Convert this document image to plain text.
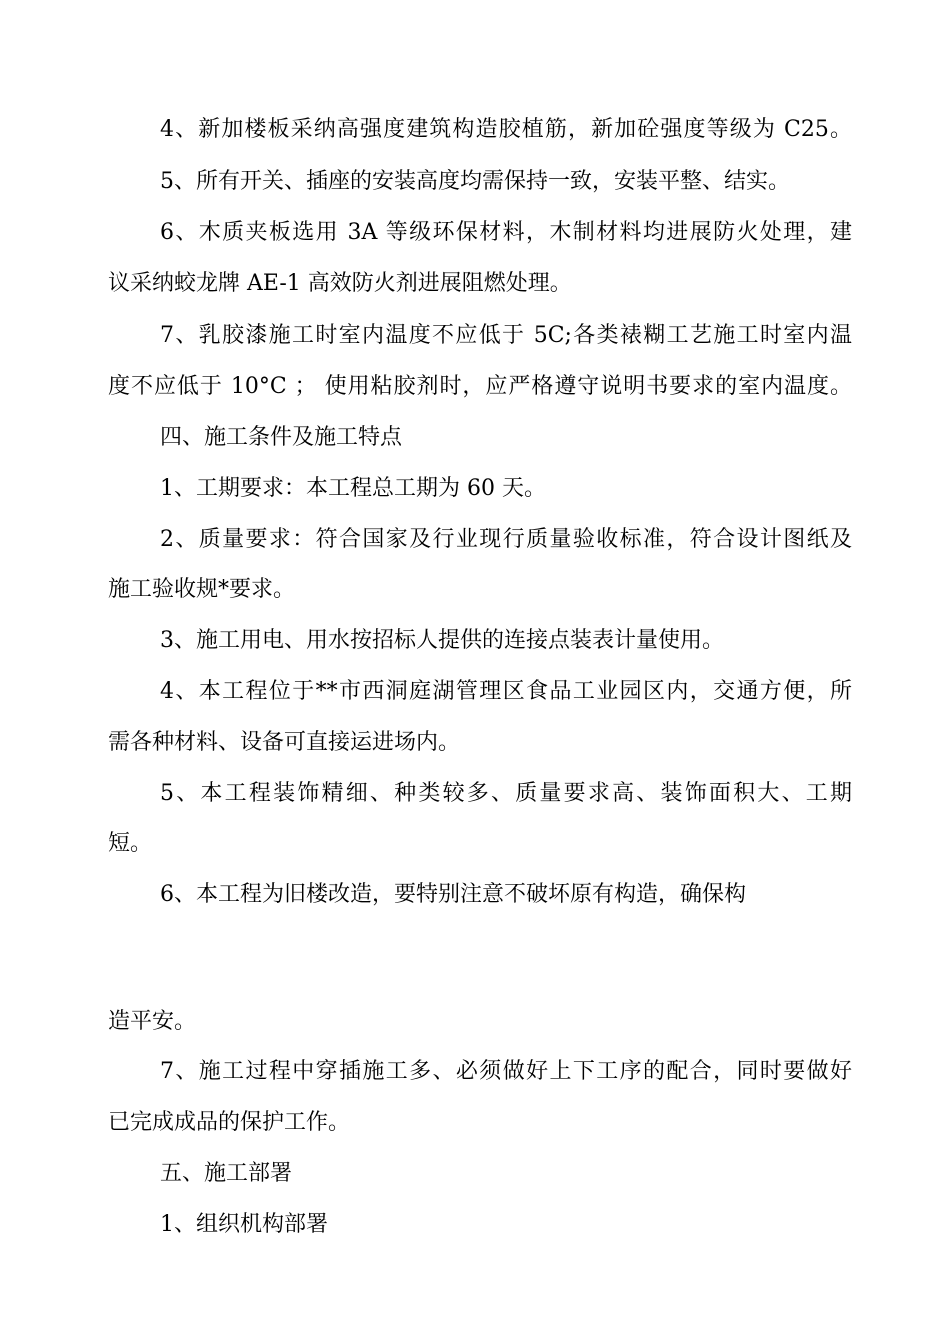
4、新加楼板采纳高强度建筑构造胶植筋，新加砼强度等级为 C25。
5、所有开关、插座的安装高度均需保持一致，安装平整、结实。
6、木质夹板选用 3A 等级环保材料，木制材料均进展防火处理，建
议采纳蛟龙牌 AE-1 高效防火剂进展阻燃处理。
7、乳胶漆施工时室内温度不应低于 5C;各类裱糊工艺施工时室内温
度不应低于 10°C ； 使用粘胶剂时，应严格遵守说明书要求的室内温度。
四、施工条件及施工特点
1、工期要求：本工程总工期为 60 天。
2、质量要求：符合国家及行业现行质量验收标准，符合设计图纸及
施工验收规*要求。
3、施工用电、用水按招标人提供的连接点装表计量使用。
4、本工程位于**市西洞庭湖管理区食品工业园区内，交通方便，所
需各种材料、设备可直接运进场内。
5、本工程装饰精细、种类较多、质量要求高、装饰面积大、工期
短。
6、本工程为旧楼改造，要特别注意不破坏原有构造，确保构
造平安。
7、施工过程中穿插施工多、必须做好上下工序的配合，同时要做好
已完成成品的保护工作。
五、施工部署
1、组织机构部署
